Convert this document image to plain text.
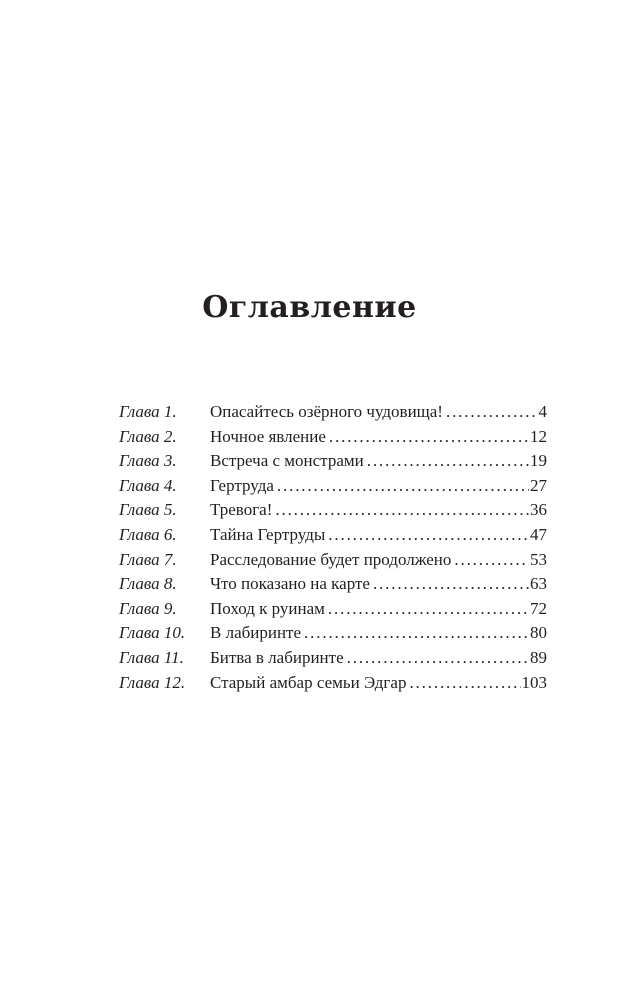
Оглавление
Глава 1. Опасайтесь озёрного чудовища! . . .	4
Глава 2. Ночное явление . . .	12
Глава 3. Встреча с монстрами . . .	19
Глава 4. Гертруда . . .	27
Глава 5. Тревога! . . .	36
Глава 6. Тайна Гертруды . . .	47
Глава 7. Расследование будет продолжено . . .	53
Глава 8. Что показано на карте . . .	63
Глава 9. Поход к руинам . . .	72
Глава 10. В лабиринте . . .	80
Глава 11. Битва в лабиринте . . .	89
Глава 12. Старый амбар семьи Эдгар . . .	103
